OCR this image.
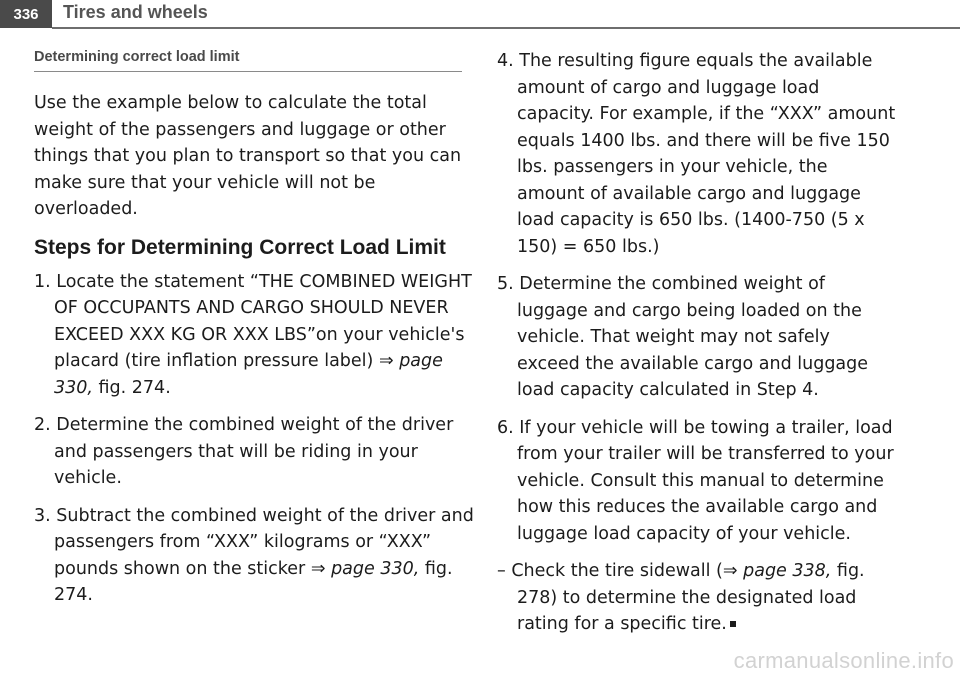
336	Tires and wheels
Determining correct load limit

Use the example below to calculate the total weight of the passengers and luggage or other things that you plan to transport so that you can make sure that your vehicle will not be overloaded.

Steps for Determining Correct Load Limit
1. Locate the statement “THE COMBINED WEIGHT OF OCCUPANTS AND CARGO SHOULD NEVER EXCEED XXX KG OR XXX LBS”on your vehicle's placard (tire inflation pressure label) ⇒ page 330, fig. 274.
2. Determine the combined weight of the driver and passengers that will be riding in your vehicle.
3. Subtract the combined weight of the driver and passengers from “XXX” kilograms or “XXX” pounds shown on the sticker ⇒ page 330, fig. 274.
4. The resulting figure equals the available amount of cargo and luggage load capacity. For example, if the “XXX” amount equals 1400 lbs. and there will be five 150 lbs. passengers in your vehicle, the amount of available cargo and luggage load capacity is 650 lbs. (1400-750 (5 x 150) = 650 lbs.)
5. Determine the combined weight of luggage and cargo being loaded on the vehicle. That weight may not safely exceed the available cargo and luggage load capacity calculated in Step 4.
6. If your vehicle will be towing a trailer, load from your trailer will be transferred to your vehicle. Consult this manual to determine how this reduces the available cargo and luggage load capacity of your vehicle.
– Check the tire sidewall (⇒ page 338, fig. 278) to determine the designated load rating for a specific tire.
carmanualsonline.info
